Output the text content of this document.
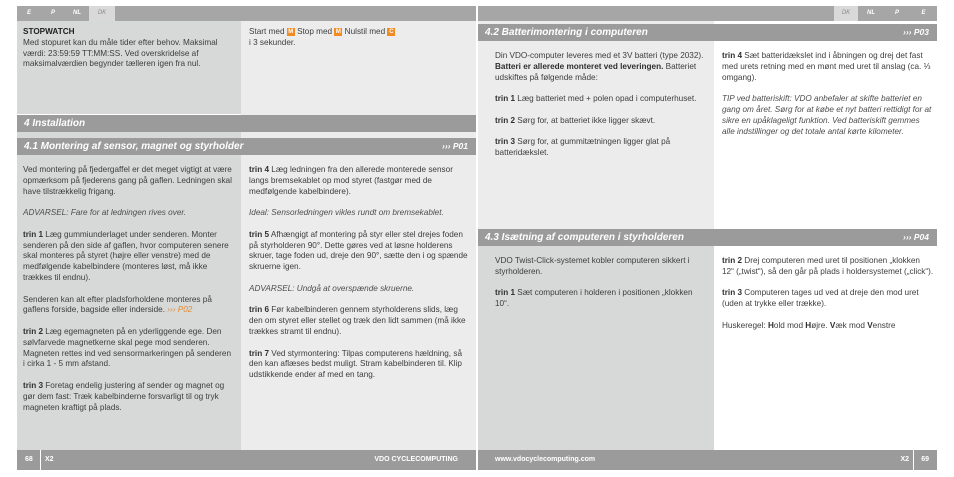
E	P	NL	DK	DK	NL	P	E
STOPWATCH
Med stopuret kan du måle tider efter behov. Maksimal værdi: 23:59:59 TT:MM:SS. Ved overskridelse af maksimalværdien begynder tælleren igen fra nul.
Start med M Stop med M Nulstil med C
i 3 sekunder.
4 Installation
4.1 Montering af sensor, magnet og styrholder	››› P01

Ved montering på fjedergaffel er det meget vigtigt at være opmærksom på fjederens gang på gaflen. Ledningen skal have tilstrækkelig frigang.

ADVARSEL: Fare for at ledningen rives over.

trin 1 Læg gummiunderlaget under senderen. Monter senderen på den side af gaflen, hvor computeren senere skal monteres på styret (højre eller venstre) med de medfølgende kabelbindere (monteres løst, må ikke trækkes til endnu).

Senderen kan alt efter pladsforholdene monteres på gaflens forside, bagside eller inderside. ››› P02

trin 2 Læg egemagneten på en yderliggende ege. Den sølvfarvede magnetkerne skal pege mod senderen. Magneten rettes ind ved sensormarkeringen på senderen i cirka 1 - 5 mm afstand.

trin 3 Foretag endelig justering af sender og magnet og gør dem fast: Træk kabelbinderne forsvarligt til og tryk magneten kraftigt på plads.

trin 4 Læg ledningen fra den allerede monterede sensor langs bremsekablet op mod styret (fastgør med de medfølgende kabelbindere).

Ideal: Sensorledningen vikles rundt om bremsekablet.

trin 5 Afhængigt af montering på styr eller stel drejes foden på styrholderen 90°. Dette gøres ved at løsne holderens skruer, tage foden ud, dreje den 90°, sætte den i og spænde skruerne igen.

ADVARSEL: Undgå at overspænde skruerne.

trin 6 Før kabelbinderen gennem styrholderens slids, læg den om styret eller stellet og træk den lidt sammen (må ikke trækkes stramt til endnu).

trin 7 Ved styrmontering: Tilpas computerens hældning, så den kan aflæses bedst muligt. Stram kabelbinderen til. Klip udstikkende ender af med en tang.

4.2 Batterimontering i computeren	››› P03

Din VDO-computer leveres med et 3V batteri (type 2032). Batteri er allerede monteret ved leveringen. Batteriet udskiftes på følgende måde:

trin 1 Læg batteriet med + polen opad i computerhuset.

trin 2 Sørg for, at batteriet ikke ligger skævt.

trin 3 Sørg for, at gummitætningen ligger glat på batteridækslet.

trin 4 Sæt batteridækslet ind i åbningen og drej det fast med urets retning med en mønt med uret til anslag (ca. ⅓ omgang).

TIP ved batteriskift: VDO anbefaler at skifte batteriet en gang om året. Sørg for at købe et nyt batteri rettidigt for at sikre en upåklageligt funktion. Ved batteriskift gemmes alle indstillinger og det totale antal kørte kilometer.

4.3 Isætning af computeren i styrholderen	››› P04

VDO Twist-Click-systemet kobler computeren sikkert i styrholderen.

trin 1 Sæt computeren i holderen i positionen „klokken 10“.

trin 2 Drej computeren med uret til positionen „klokken 12“ („twist“), så den går på plads i holdersystemet („click“).

trin 3 Computeren tages ud ved at dreje den mod uret (uden at trykke eller trække).

Huskeregel: Hold mod Højre. Væk mod Venstre

68 X2	VDO CYCLECOMPUTING	www.vdocyclecomputing.com	X2 69
